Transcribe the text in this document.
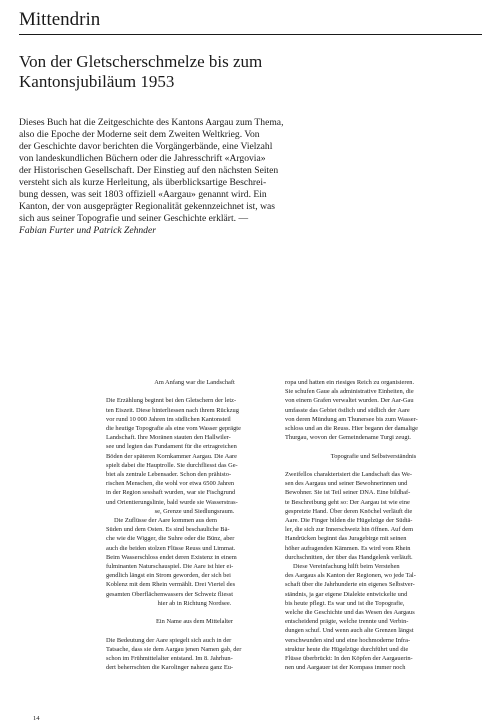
Mittendrin
Von der Gletscherschmelze bis zum
Kantonsjubiläum 1953
Dieses Buch hat die Zeitgeschichte des Kantons Aargau zum Thema,
also die Epoche der Moderne seit dem Zweiten Weltkrieg. Von
der Geschichte davor berichten die Vorgängerbände, eine Vielzahl
von landeskundlichen Büchern oder die Jahresschrift «Argovia»
der Historischen Gesellschaft. Der Einstieg auf den nächsten Seiten
versteht sich als kurze Herleitung, als überblicksartige Beschrei-
bung dessen, was seit 1803 offiziell «Aargau» genannt wird. Ein
Kanton, der von ausgeprägter Regionalität gekennzeichnet ist, was
sich aus seiner Topografie und seiner Geschichte erklärt. —
Fabian Furter und Patrick Zehnder
Am Anfang war die Landschaft
Die Erzählung beginnt bei den Gletschern der letz-
ten Eiszeit. Diese hinterliessen nach ihrem Rückzug
vor rund 10 000 Jahren im südlichen Kantonsteil
die heutige Topografie als eine vom Wasser geprägte
Landschaft. Ihre Moränen stauten den Hallwiler-
see und legten das Fundament für die ertragreichen
Böden der späteren Kornkammer Aargau. Die Aare
spielt dabei die Hauptrolle. Sie durchfliesst das Ge-
biet als zentrale Lebensader. Schon den prähisto-
rischen Menschen, die wohl vor etwa 6500 Jahren
in der Region sesshaft wurden, war sie Fischgrund
und Orientierungslinie, bald wurde sie Wasserstras-
se, Grenze und Siedlungsraum.
Die Zuflüsse der Aare kommen aus dem
Süden und dem Osten. Es sind beschauliche Bä-
che wie die Wigger, die Suhre oder die Bünz, aber
auch die beiden stolzen Flüsse Reuss und Limmat.
Beim Wasserschloss endet deren Existenz in einem
fulminanten Naturschauspiel. Die Aare ist hier ei-
gendlich längst ein Strom geworden, der sich bei
Koblenz mit dem Rhein vermählt. Drei Viertel des
gesamten Oberflächenwassers der Schweiz fliesst
hier ab in Richtung Nordsee.
Ein Name aus dem Mittelalter
Die Bedeutung der Aare spiegelt sich auch in der
Tatsache, dass sie dem Aargau jenen Namen gab, der
schon im Frühmittelalter entstand. Im 8. Jahrhun-
dert beherrschten die Karolinger nahezu ganz Eu-
ropa und hatten ein riesiges Reich zu organisieren.
Sie schufen Gaue als administrative Einheiten, die
von einem Grafen verwaltet wurden. Der Aar-Gau
umfasste das Gebiet östlich und südlich der Aare
von deren Mündung am Thunersee bis zum Wasser-
schloss und an die Reuss. Hier begann der damalige
Thurgau, wovon der Gemeindename Turgi zeugt.
Topografie und Selbstverständnis
Zweifellos charakterisiert die Landschaft das We-
sen des Aargaus und seiner Bewohnerinnen und
Bewohner. Sie ist Teil seiner DNA. Eine bildhaf-
te Beschreibung geht so: Der Aargau ist wie eine
gespreizte Hand. Über deren Knöchel verläuft die
Aare. Die Finger bilden die Hügelzüge der Südtä-
ler, die sich zur Innerschweiz hin öffnen. Auf dem
Handrücken beginnt das Juragebirge mit seinen
höher aufragenden Kämmen. Es wird vom Rhein
durchschnitten, der über das Handgelenk verläuft.
Diese Vereinfachung hilft beim Verstehen
des Aargaus als Kanton der Regionen, wo jede Tal-
schaft über die Jahrhunderte ein eigenes Selbstver-
ständnis, ja gar eigene Dialekte entwickelte und
bis heute pflegt. Es war und ist die Topografie,
welche die Geschichte und das Wesen des Aargaus
entscheidend prägte, welche trennte und Verbin-
dungen schuf. Und wenn auch alte Grenzen längst
verschwunden sind und eine hochmoderne Infra-
struktur heute die Hügelzüge durchführt und die
Flüsse überbrückt: In den Köpfen der Aargauerin-
nen und Aargauer ist der Kompass immer noch
14
